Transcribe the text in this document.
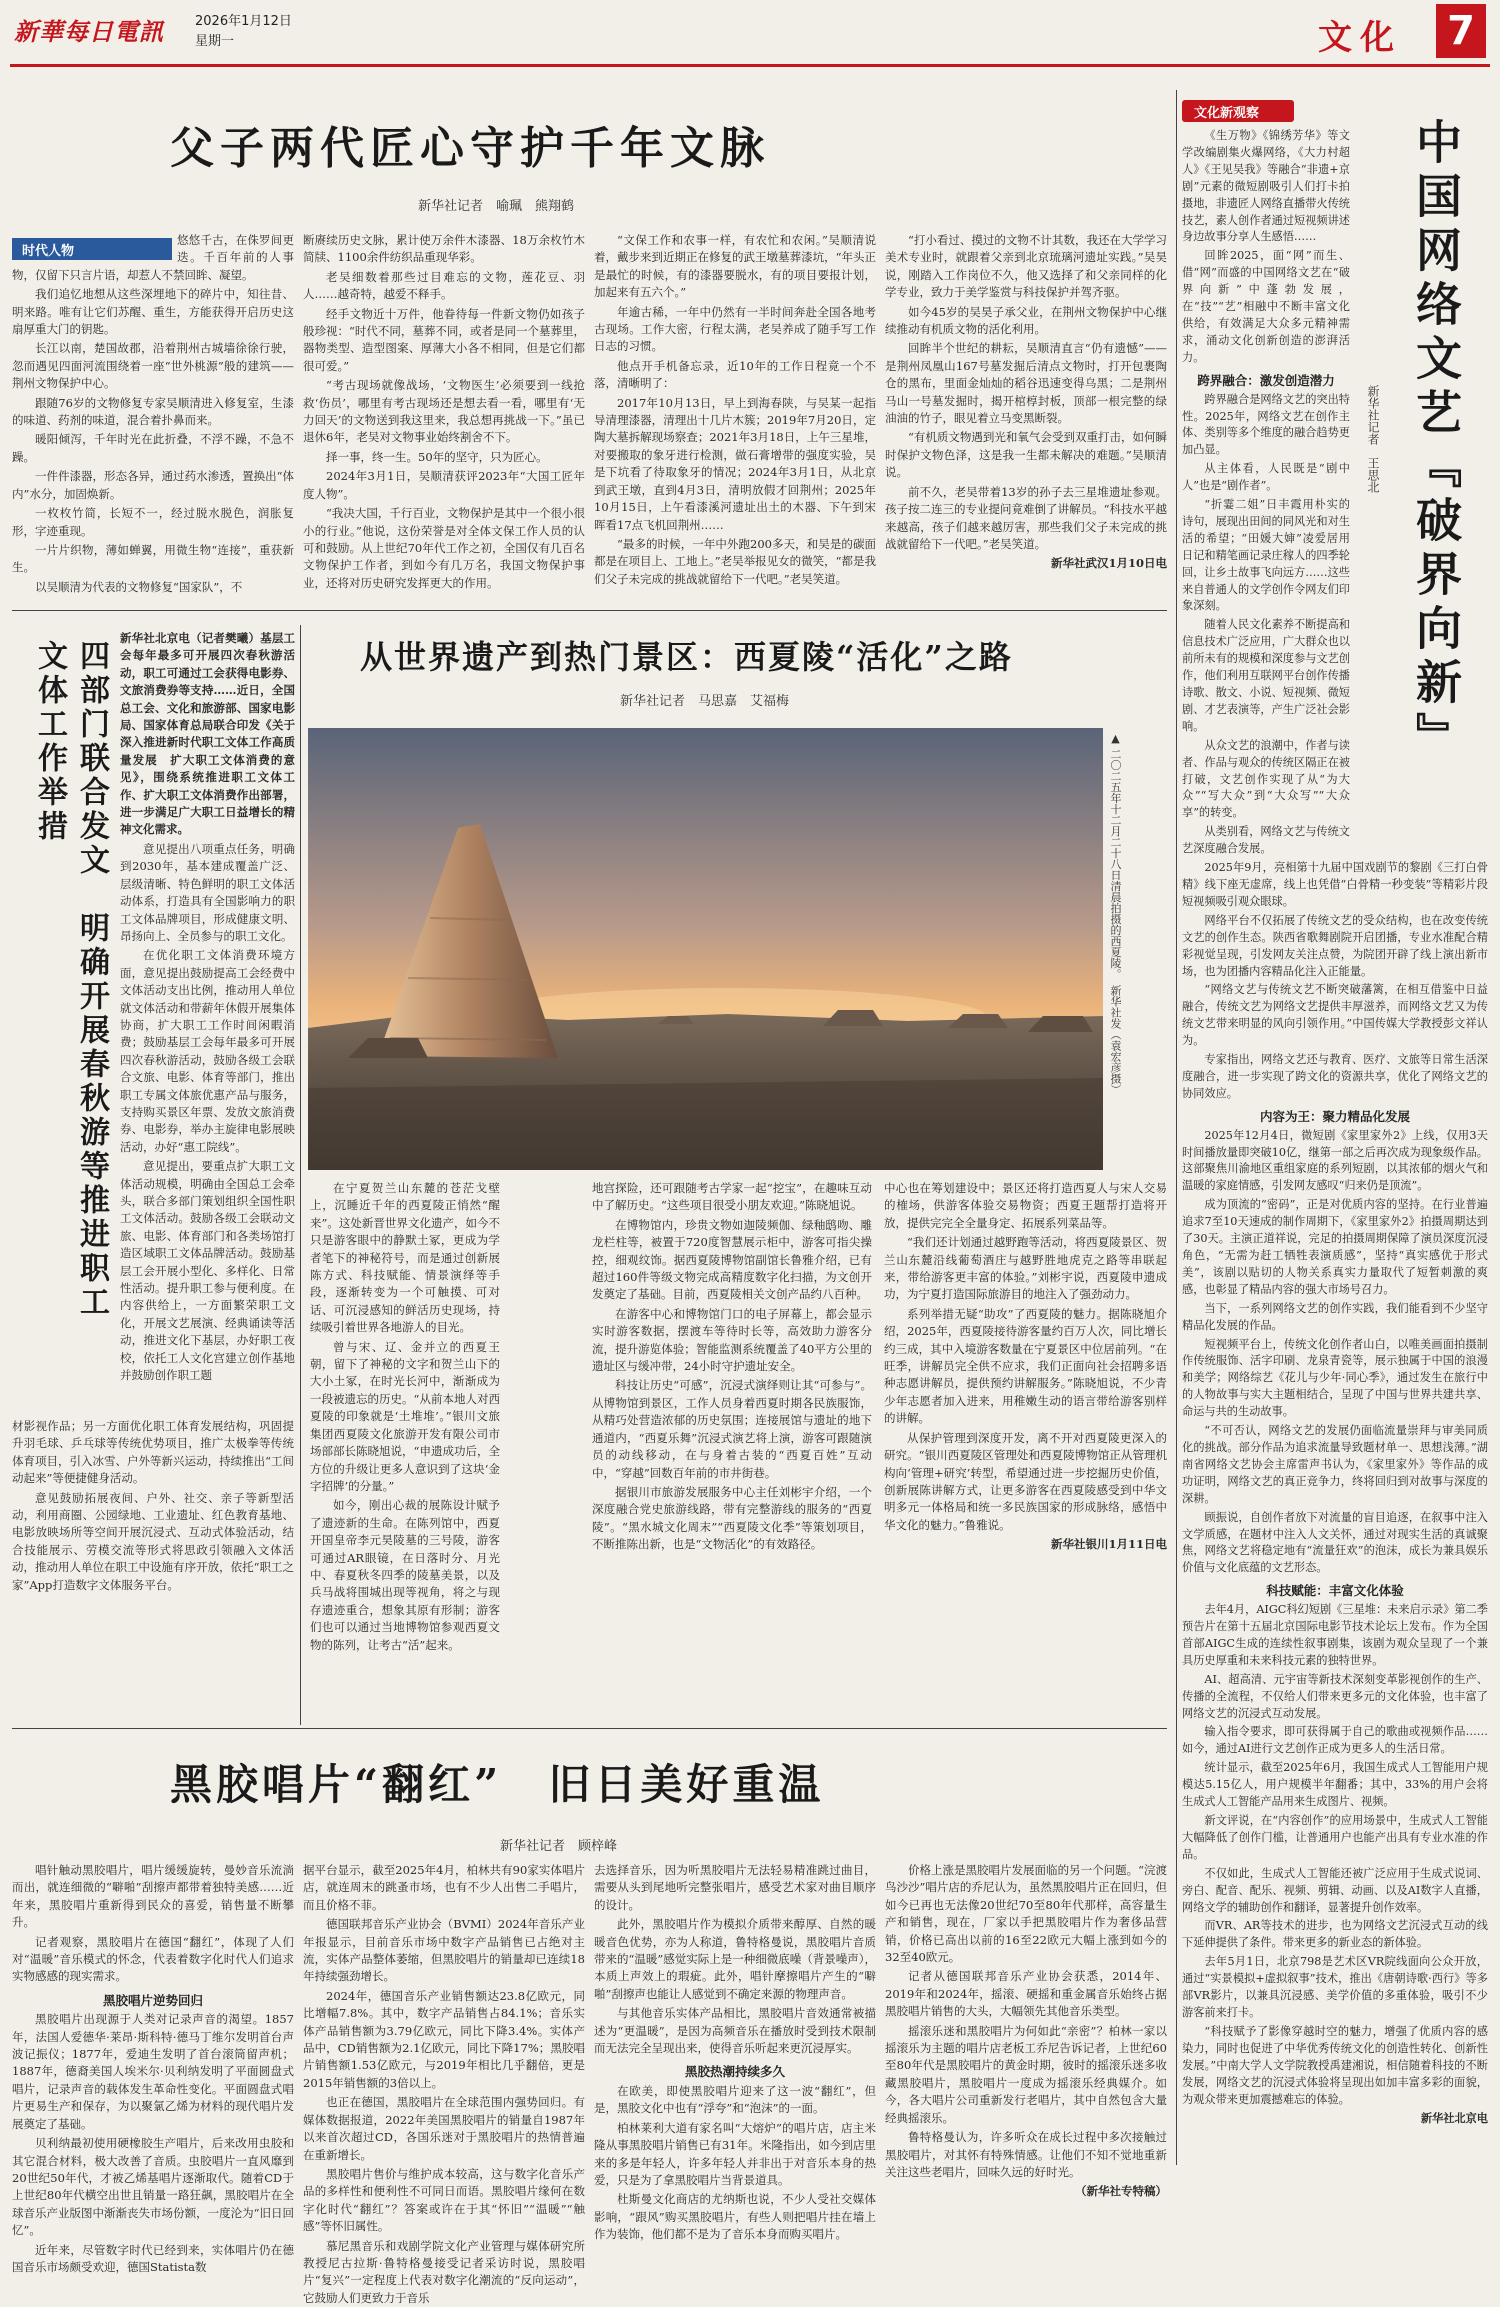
新華每日電訊 2026年1月12日
星期一	文化 7
父子两代匠心守护千年文脉
新华社记者　喻珮　熊翔鹤
时代人物

悠悠千古，在侏罗间更迭。千百年前的人事物，仅留下只言片语，却惹人不禁回眸、凝望。

我们追忆地想从这些深埋地下的碎片中，知往昔、明来路。唯有让它们苏醒、重生，方能获得开启历史这扇厚重大门的钥匙。

长江以南，楚国故郡，沿着荆州古城墙徐徐行驶，忽而遇见四面河流围绕着一座“世外桃源”般的建筑——荆州文物保护中心。

跟随76岁的文物修复专家吴顺清进入修复室，生漆的味道、药剂的味道，混合着扑鼻而来。

暖阳倾泻，千年时光在此折叠，不浮不躁，不急不躁。

一件件漆器，形态各异，通过药水渗透，置换出“体内”水分，加固焕新。

一枚枚竹简，长短不一，经过脱水脱色，润胀复形，字迹重现。

一片片织物，薄如蝉翼，用微生物“连接”，重获新生。

以吴顺清为代表的文物修复“国家队”，不

断赓续历史文脉，累计使万余件木漆器、18万余枚竹木简牍、1100余件纺织品重现华彩。

老吴细数着那些过目难忘的文物，莲花豆、羽人……越奇特，越爱不释手。

经手文物近十万件，他眷待每一件新文物仍如孩子般珍视：“时代不同，墓葬不同，或者是同一个墓葬里，器物类型、造型图案、厚薄大小各不相同，但是它们都很可爱。”

“考古现场就像战场，‘文物医生’必须要到一线抢救‘伤员’，哪里有考古现场还是想去看一看，哪里有‘无力回天’的文物送到我这里来，我总想再挑战一下。”虽已退休6年，老吴对文物事业始终割舍不下。

择一事，终一生。50年的坚守，只为匠心。

2024年3月1日，吴顺清获评2023年“大国工匠年度人物”。

“我决大国，千行百业，文物保护是其中一个很小很小的行业。”他说，这份荣誉是对全体文保工作人员的认可和鼓励。从上世纪70年代工作之初，全国仅有几百名文物保护工作者，到如今有几万名，我国文物保护事业，还将对历史研究发挥更大的作用。

“文保工作和农事一样，有农忙和农闲。”吴顺清说着，戴步来到近期正在修复的武王墩墓葬漆坑，“年头正是最忙的时候，有的漆器要脱水，有的项目要报计划，加起来有五六个。”

年逾古稀，一年中仍然有一半时间奔赴全国各地考古现场。工作大密，行程太满，老吴养成了随手写工作日志的习惯。

他点开手机备忘录，近10年的工作日程竟一个不落，清晰明了：

2017年10月13日，早上到海春陕，与吴某一起指导清理漆器，清理出十几片木簇；2019年7月20日，定陶大墓拆解现场察查；2021年3月18日，上午三星堆，对要搬取的象牙进行检测，做石膏增带的强度实验，吴是下坑看了待取象牙的情况；2024年3月1日，从北京到武王墩，直到4月3日，清明放假才回荆州；2025年10月15日，上午看漆溪河遗址出土的木器、下午到宋晖看17点飞机回荆州……

“最多的时候，一年中外跑200多天，和吴是的碳面都是在项目上、工地上。”老吴举报见女的微笑，“都是我们父子未完成的挑战就留给下一代吧。”老吴笑道。

“打小看过、摸过的文物不计其数，我还在大学学习美术专业时，就跟着父亲到北京琉璃河遗址实践。”吴昊说，刚踏入工作岗位不久，他又选择了和父亲同样的化学专业，致力于美学鉴赏与科技保护并驾齐驱。

如今45岁的吴昊子承父业，在荆州文物保护中心继续推动有机质文物的活化利用。

回眸半个世纪的耕耘，吴顺清直言“仍有遗憾”——是荆州凤凰山167号墓发掘后清点文物时，打开包裹陶仓的黑布，里面金灿灿的稻谷迅速变得乌黑；二是荆州马山一号墓发掘时，揭开棺椁封板，顶部一根完整的绿油油的竹子，眼见着立马变黑断裂。

“有机质文物遇到光和氧气会受到双重打击，如何瞬时保护文物色泽，这是我一生都未解决的难题。”吴顺清说。

前不久，老吴带着13岁的孙子去三星堆遗址参观。孩子按二连三的专业提问竟难倒了讲解员。“科技水平越来越高，孩子们越来越厉害，那些我们父子未完成的挑战就留给下一代吧。”老吴笑道。

新华社武汉1月10日电

四部门联合发文　明确开展春秋游等推进职工文体工作举措

新华社北京电（记者樊曦）基层工会每年最多可开展四次春秋游活动，职工可通过工会获得电影券、文旅消费券等支持……近日，全国总工会、文化和旅游部、国家电影局、国家体育总局联合印发《关于深入推进新时代职工文体工作高质量发展　扩大职工文体消费的意见》，围绕系统推进职工文体工作、扩大职工文体消费作出部署，进一步满足广大职工日益增长的精神文化需求。

意见提出八项重点任务，明确到2030年，基本建成覆盖广泛、层级清晰、特色鲜明的职工文体活动体系，打造具有全国影响力的职工文体品牌项目，形成健康文明、昂扬向上、全员参与的职工文化。

在优化职工文体消费环境方面，意见提出鼓励提高工会经费中文体活动支出比例，推动用人单位就文体活动和带薪年休假开展集体协商，扩大职工工作时间闲暇消费；鼓励基层工会每年最多可开展四次春秋游活动，鼓励各级工会联合文旅、电影、体育等部门，推出职工专属文体旅优惠产品与服务，支持购买景区年票、发放文旅消费券、电影券，举办主旋律电影展映活动，办好“惠工院线”。

意见提出，要重点扩大职工文体活动规模，明确由全国总工会牵头，联合多部门策划组织全国性职工文体活动。鼓励各级工会联动文旅、电影、体育部门和各类场馆打造区域职工文体品牌活动。鼓励基层工会开展小型化、多样化、日常性活动。提升职工参与便利度。在内容供给上，一方面繁荣职工文化，开展文艺展演、经典诵读等活动，推进文化下基层，办好职工夜校，依托工人文化宫建立创作基地并鼓励创作职工题

材影视作品；另一方面优化职工体育发展结构，巩固提升羽毛球、乒乓球等传统优势项目，推广太极拳等传统体育项目，引入冰雪、户外等新兴运动，持续推出“工间动起来”等便捷健身活动。

意见鼓励拓展夜间、户外、社交、亲子等新型活动，利用商圈、公园绿地、工业遗址、红色教育基地、电影放映场所等空间开展沉浸式、互动式体验活动，结合技能展示、劳模交流等形式将思政引领融入文体活动，推动用人单位在职工中设施有序开放，依托“职工之家”App打造数字文体服务平台。

从世界遗产到热门景区：西夏陵“活化”之路
新华社记者　马思嘉　艾福梅
▲ 二〇二五年十二月二十八日清晨拍摄的西夏陵。　新华社发（袁宏彦摄）

在宁夏贺兰山东麓的苍茫戈壁上，沉睡近千年的西夏陵正悄然“醒来”。这处新晋世界文化遗产，如今不只是游客眼中的静默土冢，更成为学者笔下的神秘符号，而是通过创新展陈方式、科技赋能、情景演绎等手段，逐渐转变为一个可触摸、可对话、可沉浸感知的鲜活历史现场，持续吸引着世界各地游人的目光。

曾与宋、辽、金并立的西夏王朝，留下了神秘的文字和贺兰山下的大小土冢，在时光长河中，渐渐成为一段被遗忘的历史。“从前本地人对西夏陵的印象就是‘土堆堆’。”银川文旅集团西夏陵文化旅游开发有限公司市场部部长陈晓旭说，“申遗成功后，全方位的升级让更多人意识到了这块‘金字招牌’的分量。”

如今，刚出心裁的展陈设计赋予了遗迹新的生命。在陈列馆中，西夏开国皇帝李元昊陵墓的三号陵，游客可通过AR眼镜，在日落时分、月光中、春夏秋冬四季的陵墓美景，以及兵马战将围城出现等视角，将之与现存遗迹重合，想象其原有形制；游客们也可以通过当地博物馆参观西夏文物的陈列，让考古“活”起来。

地宫探险，还可跟随考古学家一起“挖宝”，在趣味互动中了解历史。“这些项目很受小朋友欢迎。”陈晓旭说。

在博物馆内，珍贵文物如迦陵频伽、绿釉鸱吻、雕龙栏柱等，被置于720度智慧展示柜中，游客可指尖操控，细观纹饰。据西夏陵博物馆副馆长鲁雅介绍，已有超过160件等级文物完成高精度数字化扫描，为文创开发奠定了基础。目前，西夏陵相关文创产品约八百种。

在游客中心和博物馆门口的电子屏幕上，都会显示实时游客数据，摆渡车等待时长等，高效助力游客分流，提升游览体验；智能监测系统覆盖了40平方公里的遗址区与缓冲带，24小时守护遗址安全。

科技让历史“可感”，沉浸式演绎则让其“可参与”。从博物馆到景区，工作人员身着西夏时期各民族服饰，从精巧处营造浓郁的历史氛围；连接展馆与遗址的地下通道内，“西夏乐舞”沉浸式演艺将上演，游客可跟随演员的动线移动，在与身着古装的“西夏百姓”互动中，“穿越”回数百年前的市井街巷。

据银川市旅游发展服务中心主任刘彬宇介绍，一个深度融合党史旅游线路，带有完整游线的服务的“西夏陵”。“黑水城文化周末”“西夏陵文化季”等策划项目，不断推陈出新，也是“文物活化”的有效路径。

中心也在筹划建设中；景区还将打造西夏人与宋人交易的榷场，供游客体验交易物资；西夏王题帮打造将开放，提供完完全全量身定、拓展系列菜品等。

“我们还计划通过越野跑等活动，将西夏陵景区、贺兰山东麓沿线葡萄酒庄与越野胜地虎克之路等串联起来，带给游客更丰富的体验。”刘彬宇说，西夏陵申遗成功，为宁夏打造国际旅游目的地注入了强劲动力。

系列举措无疑“助攻”了西夏陵的魅力。据陈晓旭介绍，2025年，西夏陵接待游客量约百万人次，同比增长约三成，其中入境游客数量在宁夏景区中位居前列。“在旺季，讲解员完全供不应求，我们正面向社会招聘多语种志愿讲解员，提供预约讲解服务。”陈晓旭说，不少青少年志愿者加入进来，用稚嫩生动的语言带给游客别样的讲解。

从保护管理到深度开发，离不开对西夏陵更深入的研究。“银川西夏陵区管理处和西夏陵博物馆正从管理机构向‘管理+研究’转型，希望通过进一步挖掘历史价值，创新展陈讲解方式，让更多游客在西夏陵感受到中华文明多元一体格局和统一多民族国家的形成脉络，感悟中华文化的魅力。”鲁雅说。

新华社银川1月11日电

黑胶唱片“翻红”　旧日美好重温
新华社记者　顾梓峰

唱针触动黑胶唱片，唱片缓缓旋转，曼妙音乐流淌而出，就连细微的“噼啪”刮擦声都带着独特美感……近年来，黑胶唱片重新得到民众的喜爱，销售量不断攀升。

记者观察，黑胶唱片在德国“翻红”，体现了人们对“温暖”音乐模式的怀念，代表着数字化时代人们追求实物感感的现实需求。

黑胶唱片逆势回归

黑胶唱片出现源于人类对记录声音的渴望。1857年，法国人爱德华·莱昂·斯科特·德马丁维尔发明首台声波记振仪；1877年，爱迪生发明了首台滚筒留声机；1887年，德裔美国人埃米尔·贝利纳发明了平面圆盘式唱片，记录声音的载体发生革命性变化。平面圆盘式唱片更易生产和保存，为以聚氯乙烯为材料的现代唱片发展奠定了基础。

贝利纳最初使用硬橡胶生产唱片，后来改用虫胶和其它混合材料，极大改善了音质。虫胶唱片一直风靡到20世纪50年代，才被乙烯基唱片逐渐取代。随着CD于上世纪80年代横空出世且销量一路狂飙，黑胶唱片在全球音乐产业版图中渐渐丧失市场份额，一度沦为“旧日回忆”。

近年来，尽管数字时代已经到来，实体唱片仍在德国音乐市场颇受欢迎，德国Statista数

据平台显示，截至2025年4月，柏林共有90家实体唱片店，就连周末的跳蚤市场，也有不少人出售二手唱片，而且价格不菲。

德国联邦音乐产业协会（BVMI）2024年音乐产业年报显示，目前音乐市场中数字产品销售已占绝对主流，实体产品整体萎缩，但黑胶唱片的销量却已连续18年持续强劲增长。

2024年，德国音乐产业销售额达23.8亿欧元，同比增幅7.8%。其中，数字产品销售占84.1%；音乐实体产品销售额为3.79亿欧元，同比下降3.4%。实体产品中，CD销售额为2.1亿欧元，同比下降17%；黑胶唱片销售额1.53亿欧元，与2019年相比几乎翻倍，更是2015年销售额的3倍以上。

也正在德国，黑胶唱片在全球范围内强势回归。有媒体数据报道，2022年美国黑胶唱片的销量自1987年以来首次超过CD，各国乐迷对于黑胶唱片的热情普遍在重新增长。

黑胶唱片售价与维护成本较高，这与数字化音乐产品的多样性和便利性不可同日而语。黑胶唱片缘何在数字化时代“翻红”？答案或许在于其“怀旧”“温暖”“触感”等怀旧属性。

慕尼黑音乐和戏剧学院文化产业管理与媒体研究所教授尼古拉斯·鲁特格曼接受记者采访时说，黑胶唱片“复兴”一定程度上代表对数字化潮流的“反向运动”，它鼓励人们更致力于音乐

去选择音乐，因为听黑胶唱片无法轻易精准跳过曲目，需要从头到尾地听完整张唱片，感受艺术家对曲目顺序的设计。

此外，黑胶唱片作为模拟介质带来醇厚、自然的暖暖音色优势，亦为人称道，鲁特格曼说，黑胶唱片音质带来的“温暖”感觉实际上是一种细微底噪（背景噪声），本质上声效上的瑕疵。此外，唱针摩擦唱片产生的“噼啪”刮擦声也能让人感觉到不确定来源的物理声音。

与其他音乐实体产品相比，黑胶唱片音效通常被描述为“更温暖”，是因为高频音乐在播放时受到技术限制而无法完全呈现出来，使得音乐听起来更沉浸厚实。

黑胶热潮持续多久

在欧美，即使黑胶唱片迎来了这一波“翻红”，但是，黑胶文化中也有“浮夸”和“泡沫”的一面。

柏林莱利大道有家名叫“大熔炉”的唱片店，店主米隆从事黑胶唱片销售已有31年。米隆指出，如今到店里来的多是年轻人，许多年轻人并非出于对音乐本身的热爱，只是为了拿黑胶唱片当背景道具。

杜斯曼文化商店的尤纳斯也说，不少人受社交媒体影响，“跟风”购买黑胶唱片，有些人则把唱片挂在墙上作为装饰，他们都不是为了音乐本身而购买唱片。

价格上涨是黑胶唱片发展面临的另一个问题。“浣渡鸟沙沙”唱片店的乔尼认为，虽然黑胶唱片正在回归，但如今已再也无法像20世纪70至80年代那样，高容量生产和销售，现在，厂家以手把黑胶唱片作为奢侈品营销，价格已高出以前的16至22欧元大幅上涨到如今的32至40欧元。

记者从德国联邦音乐产业协会获悉，2014年、2019年和2024年，摇滚、硬摇和重金属音乐始终占据黑胶唱片销售的大头，大幅领先其他音乐类型。

摇滚乐迷和黑胶唱片为何如此“亲密”？柏林一家以摇滚乐为主题的唱片店老板工乔尼告诉记者，上世纪60至80年代是黑胶唱片的黄金时期，彼时的摇滚乐迷多收藏黑胶唱片，黑胶唱片一度成为摇滚乐经典媒介。如今，各大唱片公司重新发行老唱片，其中自然包含大量经典摇滚乐。

鲁特格曼认为，许多听众在成长过程中多次接触过黑胶唱片，对其怀有特殊情感。让他们不知不觉地重新关注这些老唱片，回味久远的好时光。

（新华社专特稿）

文化新观察
中国网络文艺『破界向新』
新华社记者　王思北

《生万物》《锦绣芳华》等文学改编剧集火爆网络，《大力村超人》《王见吴我》等融合“非遗+京剧”元素的微短剧吸引人们打卡拍摄地，非遗匠人网络直播带火传统技艺，素人创作者通过短视频讲述身边故事分享人生感悟……

回眸2025，面“网”而生、借“网”而盛的中国网络文艺在“破界向新”中蓬勃发展，在“技”“艺”相融中不断丰富文化供给，有效满足大众多元精神需求，涌动文化创新创造的澎湃活力。

跨界融合：激发创造潜力

跨界融合是网络文艺的突出特性。2025年，网络文艺在创作主体、类别等多个维度的融合趋势更加凸显。

从主体看，人民既是“剧中人”也是“剧作者”。

“折霎二姐”日丰霞用朴实的诗句，展现出田间的同风光和对生活的希望；“田媛大婶”凌爱居用日记和精笔画记录庄稼人的四季轮回，让乡土故事飞向远方……这些来自普通人的文学创作令网友们印象深刻。

随着人民文化素养不断提高和信息技术广泛应用，广大群众也以前所未有的规模和深度参与文艺创作，他们利用互联网平台创作传播诗歌、散文、小说、短视频、微短剧、才艺表演等，产生广泛社会影响。

从众文艺的浪潮中，作者与读者、作品与观众的传统区隔正在被打破，文艺创作实现了从“为大众”“写大众”到“大众写”“大众享”的转变。

从类别看，网络文艺与传统文艺深度融合发展。

2025年9月，亮相第十九届中国戏剧节的黎剧《三打白骨精》线下座无虚席，线上也凭借“白骨精一秒变装”等精彩片段短视频吸引观众眼球。

网络平台不仅拓展了传统文艺的受众结构，也在改变传统文艺的创作生态。陕西省歌舞剧院开启团播，专业水准配合精彩视觉呈现，引发网友关注点赞，为院团开辟了线上演出新市场，也为团播内容精品化注入正能量。

“网络文艺与传统文艺不断突破藩篱，在相互借鉴中日益融合，传统文艺为网络文艺提供丰厚滋养，而网络文艺又为传统文艺带来明显的风向引领作用。”中国传媒大学教授彭文祥认为。

专家指出，网络文艺还与教育、医疗、文旅等日常生活深度融合，进一步实现了跨文化的资源共享，优化了网络文艺的协同效应。

内容为王：聚力精品化发展

2025年12月4日，微短剧《家里家外2》上线，仅用3天时间播放量即突破10亿，继第一部之后再次成为现象级作品。这部聚焦川渝地区重组家庭的系列短剧，以其浓郁的烟火气和温暖的家庭情感，引发网友感叹“归来仍是顶流”。

成为顶流的“密码”，正是对优质内容的坚持。在行业普遍追求7至10天速成的制作周期下，《家里家外2》拍摄周期达到了30天。主演正道祥说，完足的拍摄周期保障了演员深度沉浸角色，“无需为赶工牺牲表演质感”，坚持“真实感优于形式美”，该剧以贴切的人物关系真实力量取代了短暂刺激的爽感，也彰显了精品内容的强大市场号召力。

当下，一系列网络文艺的创作实践，我们能看到不少坚守精品化发展的作品。

短视频平台上，传统文化创作者山白，以唯美画面拍摄制作传统服饰、活字印刷、龙泉青瓷等，展示独属于中国的浪漫和美学；网络综艺《花儿与少年·同心季》，通过发生在旅行中的人物故事与实大主题相结合，呈现了中国与世界共建共享、命运与共的生动故事。

“不可否认，网络文艺的发展仍面临流量崇拜与审美同质化的挑战。部分作品为追求流量导致题材单一、思想浅薄。”湖南省网络文艺协会主席雷声书认为，《家里家外》等作品的成功证明，网络文艺的真正竞争力，终将回归到对故事与深度的深耕。

顾振说，自创作者放下对流量的盲目追逐，在叙事中注入文学质感，在题材中注入人文关怀，通过对现实生活的真诚聚焦，网络文艺将稳定地有“流量狂欢”的泡沫，成长为兼具娱乐价值与文化底蕴的文艺形态。

科技赋能：丰富文化体验

去年4月，AIGC科幻短剧《三星堆：未来启示录》第二季预告片在第十五届北京国际电影节技术论坛上发布。作为全国首部AIGC生成的连续性叙事剧集，该剧为观众呈现了一个兼具历史厚重和未来科技元素的独特世界。

AI、超高清、元宇宙等新技术深刻变革影视创作的生产、传播的全流程，不仅给人们带来更多元的文化体验，也丰富了网络文艺的沉浸式互动发展。

输入指令要求，即可获得属于自己的歌曲或视频作品……如今，通过AI进行文艺创作正成为更多人的生活日常。

统计显示，截至2025年6月，我国生成式人工智能用户规模达5.15亿人，用户规模半年翻番；其中，33%的用户会将生成式人工智能产品用来生成图片、视频。

新文评说，在“内容创作”的应用场景中，生成式人工智能大幅降低了创作门槛，让普通用户也能产出具有专业水准的作品。

不仅如此，生成式人工智能还被广泛应用于生成式说词、旁白、配音、配乐、视频、剪辑、动画、以及AI数字人直播，网络文学的辅助创作和翻译，显著提升创作效率。

而VR、AR等技术的进步，也为网络文艺沉浸式互动的线下延伸提供了条件。带来更多的新业态的新体验。

去年5月1日，北京798是艺术区VR院线面向公众开放，通过“实景模拟+虚拟叙事”技术，推出《唐朝诗歌·西行》等多部VR影片，以兼具沉浸感、美学价值的多重体验，吸引不少游客前来打卡。

“科技赋予了影像穿越时空的魅力，增强了优质内容的感染力，同时也促进了中华优秀传统文化的创造性转化、创新性发展。”中南大学人文学院教授禹建湘说，相信随着科技的不断发展，网络文艺的沉浸式体验将呈现出如加丰富多彩的面貌，为观众带来更加震撼难忘的体验。

新华社北京电
